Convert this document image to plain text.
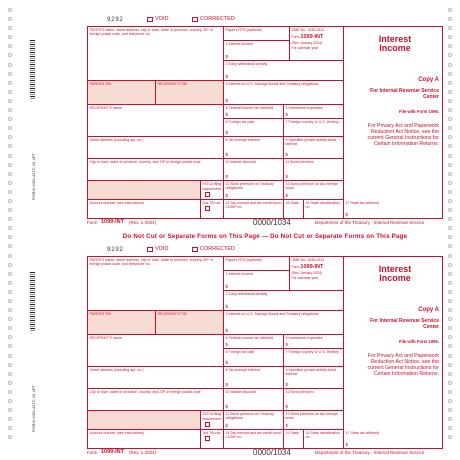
FORM 1150-41TC-16 4PT
FORM 1150-41TC-16 4PT
9292	VOID	CORRECTED
PAYER'S name, street address, city or town, state or province, country, ZIP or foreign postal code, and telephone no.
Payer's RTN (optional)
1 Interest income
$
OMB No. 1545-0112
Form 1099-INT
(Rev. January 2024)
For calendar year
2 Early withdrawal penalty
$
Interest
Income
Copy A
For Internal Revenue Service Center
File with Form 1096.
For Privacy Act and Paperwork Reduction Act Notice, see the current General Instructions for Certain Information Returns.
PAYER'S TIN	RECIPIENT'S TIN	3 Interest on U.S. Savings Bonds and Treasury obligations
$
RECIPIENT'S name	4 Federal income tax withheld
$
5 Investment expenses
$
6 Foreign tax paid
$
7 Foreign country or U.S. territory
Street address (including apt. no.)	8 Tax-exempt interest
$
9 Specified private activity bond interest
$
City or town, state or province, country, and ZIP or foreign postal code	10 Market discount
$
11 Bond premium
$
FATCA filing requirement
12 Bond premium on Treasury obligations
$
13 Bond premium on tax-exempt bond
$
Account number (see instructions)	2nd TIN not.	14 Tax-exempt and tax credit bond CUSIP no.
15 State	16 State identification no.
17 State tax withheld
$
Form 1099-INT (Rev. 1-2024)	0000/1034	Department of the Treasury - Internal Revenue Service
Do Not Cut or Separate Forms on This Page — Do Not Cut or Separate Forms on This Page
9292	VOID	CORRECTED
PAYER'S name, street address, city or town, state or province, country, ZIP or foreign postal code, and telephone no.
Payer's RTN (optional)
1 Interest income
$
OMB No. 1545-0112
Form 1099-INT
(Rev. January 2024)
For calendar year
2 Early withdrawal penalty
$
Interest
Income
Copy A
For Internal Revenue Service Center
File with Form 1096.
For Privacy Act and Paperwork Reduction Act Notice, see the current General Instructions for Certain Information Returns.
PAYER'S TIN	RECIPIENT'S TIN	3 Interest on U.S. Savings Bonds and Treasury obligations
$
RECIPIENT'S name	4 Federal income tax withheld
$
5 Investment expenses
$
6 Foreign tax paid
$
7 Foreign country or U.S. territory
Street address (including apt. no.)	8 Tax-exempt interest
$
9 Specified private activity bond interest
$
City or town, state or province, country, and ZIP or foreign postal code	10 Market discount
$
11 Bond premium
$
FATCA filing requirement
12 Bond premium on Treasury obligations
$
13 Bond premium on tax-exempt bond
$
Account number (see instructions)	2nd TIN not.	14 Tax-exempt and tax credit bond CUSIP no.
15 State	16 State identification no.
17 State tax withheld
$
Form 1099-INT (Rev. 1-2024)	0000/1034	Department of the Treasury - Internal Revenue Service
